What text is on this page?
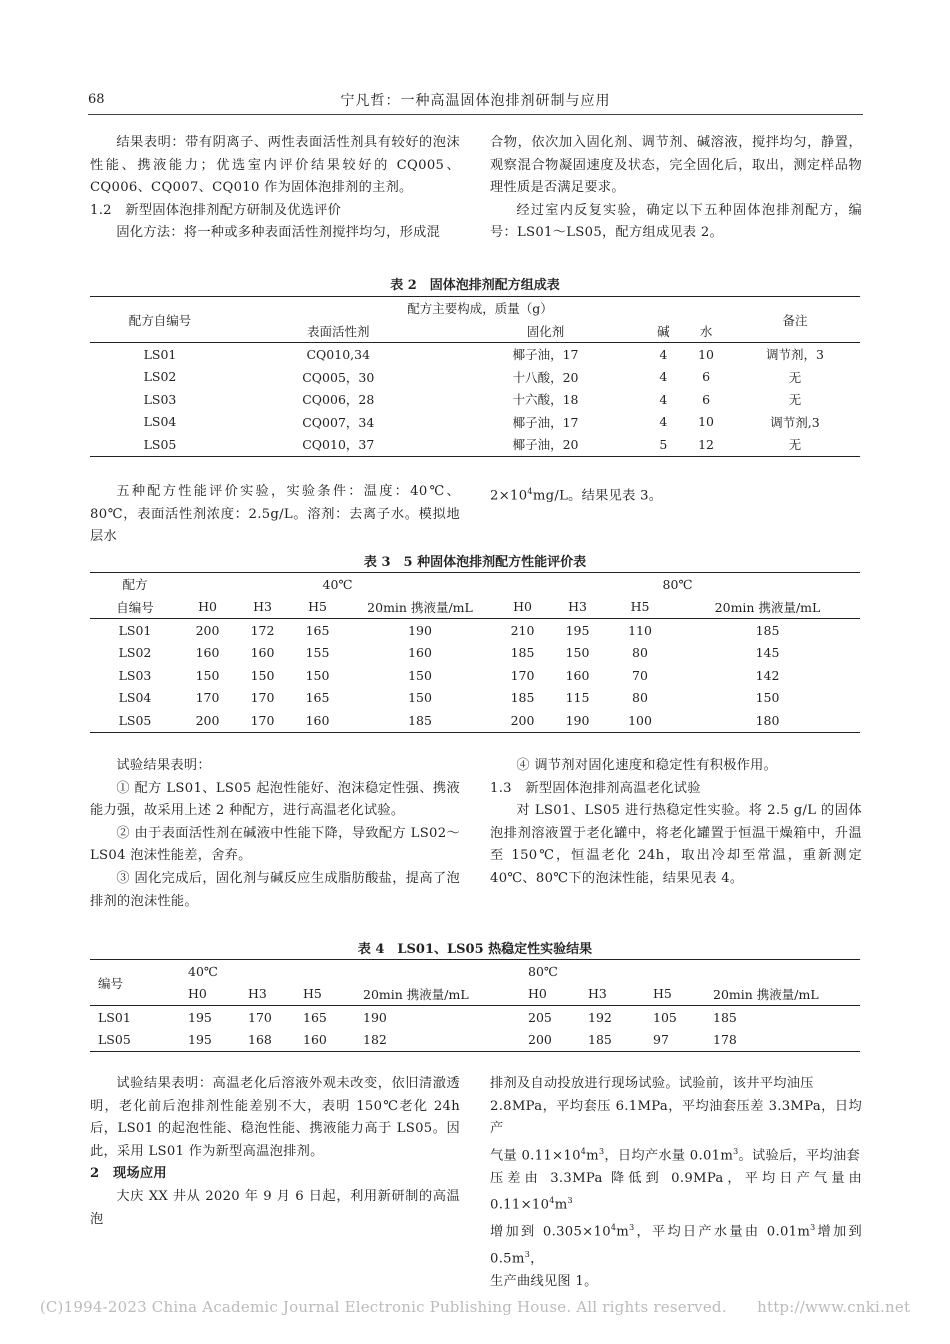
68	宁凡哲：一种高温固体泡排剂研制与应用

结果表明：带有阴离子、两性表面活性剂具有较好的泡沫性能、携液能力；优选室内评价结果较好的 CQ005、CQ006、CQ007、CQ010 作为固体泡排剂的主剂。

1.2　新型固体泡排剂配方研制及优选评价

固化方法：将一种或多种表面活性剂搅拌均匀，形成混

合物，依次加入固化剂、调节剂、碱溶液，搅拌均匀，静置，观察混合物凝固速度及状态，完全固化后，取出，测定样品物理性质是否满足要求。

经过室内反复实验，确定以下五种固体泡排剂配方，编号：LS01～LS05，配方组成见表 2。

表 2　固体泡排剂配方组成表
配方自编号	配方主要构成，质量（g）				备注
	表面活性剂	固化剂	碱	水	
LS01	CQ010,34	椰子油，17	4	10	调节剂，3
LS02	CQ005，30	十八酸，20	4	6	无
LS03	CQ006，28	十六酸，18	4	6	无
LS04	CQ007，34	椰子油，17	4	10	调节剂,3
LS05	CQ010，37	椰子油，20	5	12	无

五种配方性能评价实验，实验条件：温度：40℃、80℃，表面活性剂浓度：2.5g/L。溶剂：去离子水。模拟地层水

$2\times 10^4mg/L$。结果见表 3。

表 3　5 种固体泡排剂配方性能评价表
配方	40℃				80℃			
自编号	H0	H3	H5	20min 携液量/mL	H0	H3	H5	20min 携液量/mL
LS01	200	172	165	190	210	195	110	185
LS02	160	160	155	160	185	150	80	145
LS03	150	150	150	150	170	160	70	142
LS04	170	170	165	150	185	115	80	150
LS05	200	170	160	185	200	190	100	180

试验结果表明：

① 配方 LS01、LS05 起泡性能好、泡沫稳定性强、携液能力强，故采用上述 2 种配方，进行高温老化试验。

② 由于表面活性剂在碱液中性能下降，导致配方 LS02～LS04 泡沫性能差，舍弃。

③ 固化完成后，固化剂与碱反应生成脂肪酸盐，提高了泡排剂的泡沫性能。

④ 调节剂对固化速度和稳定性有积极作用。

1.3　新型固体泡排剂高温老化试验

对 LS01、LS05 进行热稳定性实验。将 2.5 g/L 的固体泡排剂溶液置于老化罐中，将老化罐置于恒温干燥箱中，升温至 150℃，恒温老化 24h，取出冷却至常温，重新测定 40℃、80℃下的泡沫性能，结果见表 4。

表 4　LS01、LS05 热稳定性实验结果
编号	40℃				80℃			
	H0	H3	H5	20min 携液量/mL	H0	H3	H5	20min 携液量/mL
LS01	195	170	165	190	205	192	105	185
LS05	195	168	160	182	200	185	97	178

试验结果表明：高温老化后溶液外观未改变，依旧清澈透明，老化前后泡排剂性能差别不大，表明 150℃老化 24h 后，LS01 的起泡性能、稳泡性能、携液能力高于 LS05。因此，采用 LS01 作为新型高温泡排剂。

2　现场应用

大庆 XX 井从 2020 年 9 月 6 日起，利用新研制的高温泡

排剂及自动投放进行现场试验。试验前，该井平均油压

2.8MPa，平均套压 6.1MPa，平均油套压差 3.3MPa，日均产

气量 $0.11\times 10^4m^3$，日均产水量 $0.01m^3$。试验后，平均油套

压差由 3.3MPa 降低到 0.9MPa，平均日产气量由 $0.11\times 10^4m^3$

增加到 $0.305\times 10^4m^3$，平均日产水量由 $0.01m^3$增加到 $0.5m^3$，

生产曲线见图 1。

(C)1994-2023 China Academic Journal Electronic Publishing House. All rights reserved.　　http://www.cnki.net
